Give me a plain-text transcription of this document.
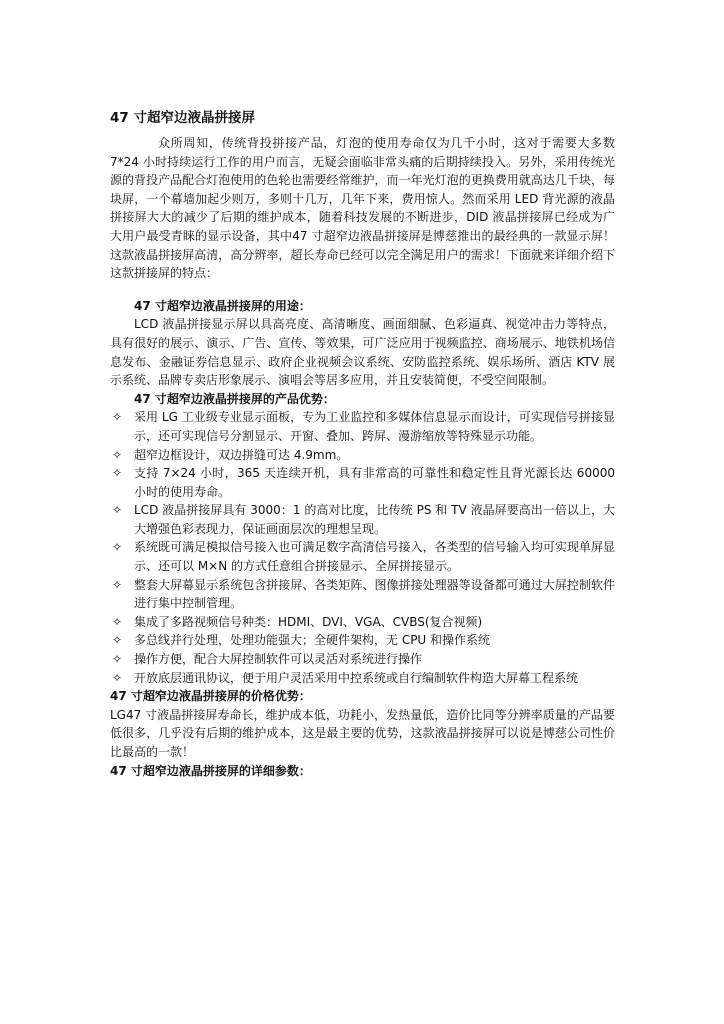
47 寸超窄边液晶拼接屏

众所周知，传统背投拼接产品，灯泡的使用寿命仅为几千小时，这对于需要大多数 7*24 小时持续运行工作的用户而言，无疑会面临非常头痛的后期持续投入。另外，采用传统光源的背投产品配合灯泡使用的色轮也需要经常维护，而一年光灯泡的更换费用就高达几千块，每块屏，一个幕墙加起少则万，多则十几万，几年下来，费用惊人。然而采用 LED 背光源的液晶拼接屏大大的减少了后期的维护成本，随着科技发展的不断进步，DID 液晶拼接屏已经成为广大用户最受青睐的显示设备，其中47 寸超窄边液晶拼接屏是博慈推出的最经典的一款显示屏！这款液晶拼接屏高清，高分辨率，超长寿命已经可以完全满足用户的需求！下面就来详细介绍下这款拼接屏的特点：

47 寸超窄边液晶拼接屏的用途：

LCD 液晶拼接显示屏以具高亮度、高清晰度、画面细腻、色彩逼真、视觉冲击力等特点，具有很好的展示、演示、广告、宣传、等效果，可广泛应用于视频监控、商场展示、地铁机场信息发布、金融证券信息显示、政府企业视频会议系统、安防监控系统、娱乐场所、酒店 KTV 展示系统、品牌专卖店形象展示、演唱会等居多应用，并且安装简便，不受空间限制。

47 寸超窄边液晶拼接屏的产品优势：
✧ 采用 LG 工业级专业显示面板，专为工业监控和多媒体信息显示而设计，可实现信号拼接显示，还可实现信号分割显示、开窗、叠加、跨屏、漫游缩放等特殊显示功能。
✧ 超窄边框设计，双边拼缝可达 4.9mm。
✧ 支持 7×24 小时，365 天连续开机，具有非常高的可靠性和稳定性且背光源长达 60000 小时的使用寿命。
✧ LCD 液晶拼接屏具有 3000：1 的高对比度，比传统 PS 和 TV 液晶屏要高出一倍以上，大大增强色彩表现力，保证画面层次的理想呈现。
✧ 系统既可满足模拟信号接入也可满足数字高清信号接入，各类型的信号输入均可实现单屏显示、还可以 M×N 的方式任意组合拼接显示、全屏拼接显示。
✧ 整套大屏幕显示系统包含拼接屏、各类矩阵、图像拼接处理器等设备都可通过大屏控制软件进行集中控制管理。
✧ 集成了多路视频信号种类：HDMI、DVI、VGA、CVBS(复合视频)
✧ 多总线并行处理，处理功能强大；全硬件架构，无 CPU 和操作系统
✧ 操作方便，配合大屏控制软件可以灵活对系统进行操作
✧ 开放底层通讯协议，便于用户灵活采用中控系统或自行编制软件构造大屏幕工程系统
47 寸超窄边液晶拼接屏的价格优势：

LG47 寸液晶拼接屏寿命长，维护成本低，功耗小，发热量低，造价比同等分辨率质量的产品要低很多，几乎没有后期的维护成本，这是最主要的优势，这款液晶拼接屏可以说是博慈公司性价比最高的一款！

47 寸超窄边液晶拼接屏的详细参数：
